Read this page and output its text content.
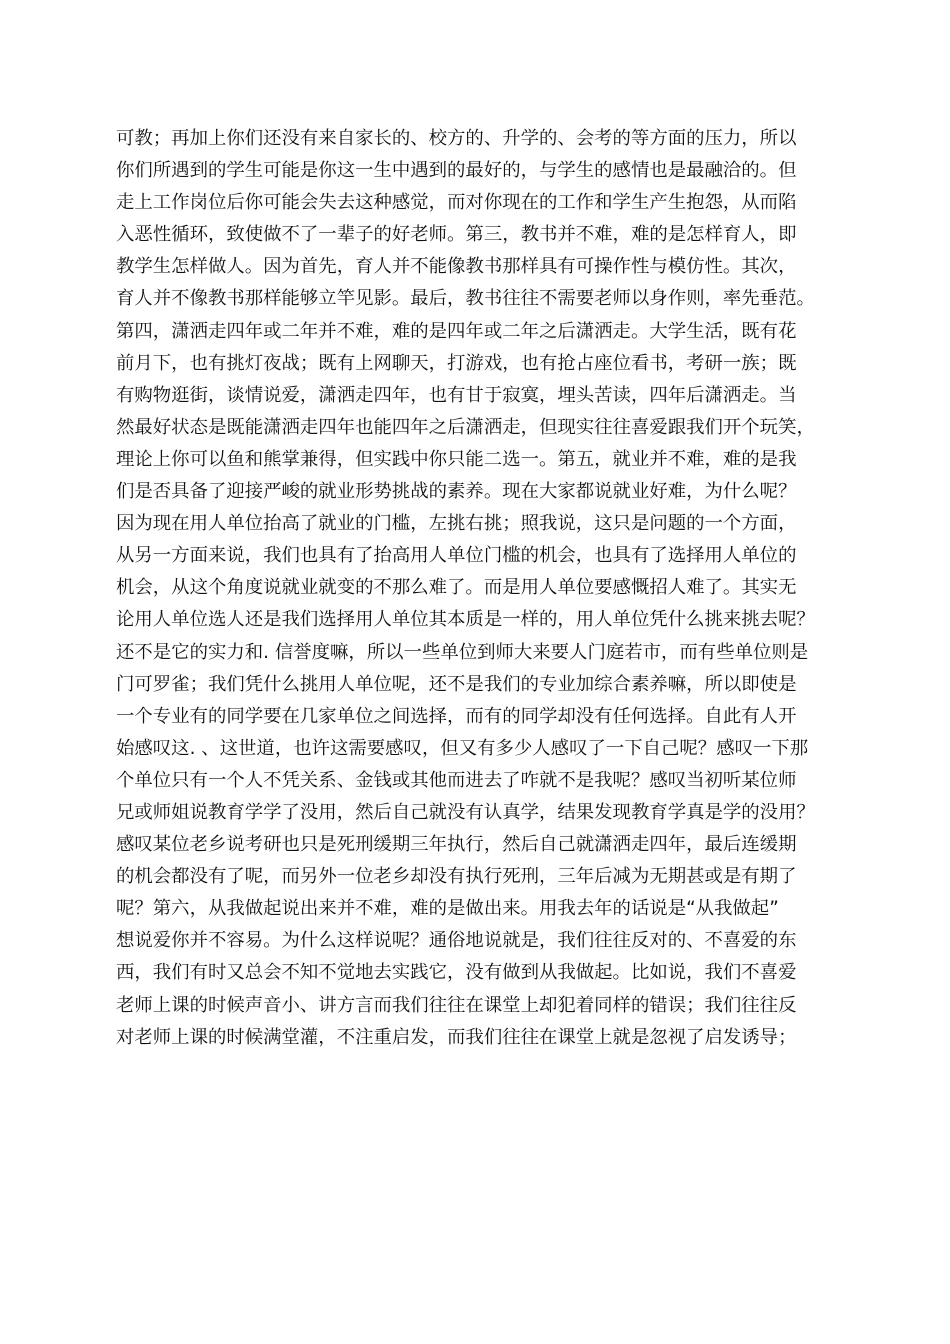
可教；再加上你们还没有来自家长的、校方的、升学的、会考的等方面的压力，所以
你们所遇到的学生可能是你这一生中遇到的最好的，与学生的感情也是最融洽的。但
走上工作岗位后你可能会失去这种感觉，而对你现在的工作和学生产生抱怨，从而陷
入恶性循环，致使做不了一辈子的好老师。第三，教书并不难，难的是怎样育人，即
教学生怎样做人。因为首先，育人并不能像教书那样具有可操作性与模仿性。其次，
育人并不像教书那样能够立竿见影。最后，教书往往不需要老师以身作则，率先垂范。
第四，潇洒走四年或二年并不难，难的是四年或二年之后潇洒走。大学生活，既有花
前月下，也有挑灯夜战；既有上网聊天，打游戏，也有抢占座位看书，考研一族；既
有购物逛街，谈情说爱，潇洒走四年，也有甘于寂寞，埋头苦读，四年后潇洒走。当
然最好状态是既能潇洒走四年也能四年之后潇洒走，但现实往往喜爱跟我们开个玩笑，
理论上你可以鱼和熊掌兼得，但实践中你只能二选一。第五，就业并不难，难的是我
们是否具备了迎接严峻的就业形势挑战的素养。现在大家都说就业好难，为什么呢？
因为现在用人单位抬高了就业的门槛，左挑右挑；照我说，这只是问题的一个方面，
从另一方面来说，我们也具有了抬高用人单位门槛的机会，也具有了选择用人单位的
机会，从这个角度说就业就变的不那么难了。而是用人单位要感慨招人难了。其实无
论用人单位选人还是我们选择用人单位其本质是一样的，用人单位凭什么挑来挑去呢？
还不是它的实力和. 信誉度嘛，所以一些单位到师大来要人门庭若市，而有些单位则是
门可罗雀；我们凭什么挑用人单位呢，还不是我们的专业加综合素养嘛，所以即使是
一个专业有的同学要在几家单位之间选择，而有的同学却没有任何选择。自此有人开
始感叹这. 、这世道，也许这需要感叹，但又有多少人感叹了一下自己呢？感叹一下那
个单位只有一个人不凭关系、金钱或其他而进去了咋就不是我呢？感叹当初听某位师
兄或师姐说教育学学了没用，然后自己就没有认真学，结果发现教育学真是学的没用？
感叹某位老乡说考研也只是死刑缓期三年执行，然后自己就潇洒走四年，最后连缓期
的机会都没有了呢，而另外一位老乡却没有执行死刑，三年后减为无期甚或是有期了
呢？第六，从我做起说出来并不难，难的是做出来。用我去年的话说是“从我做起”
想说爱你并不容易。为什么这样说呢？通俗地说就是，我们往往反对的、不喜爱的东
西，我们有时又总会不知不觉地去实践它，没有做到从我做起。比如说，我们不喜爱
老师上课的时候声音小、讲方言而我们往往在课堂上却犯着同样的错误；我们往往反
对老师上课的时候满堂灌，不注重启发，而我们往往在课堂上就是忽视了启发诱导；
